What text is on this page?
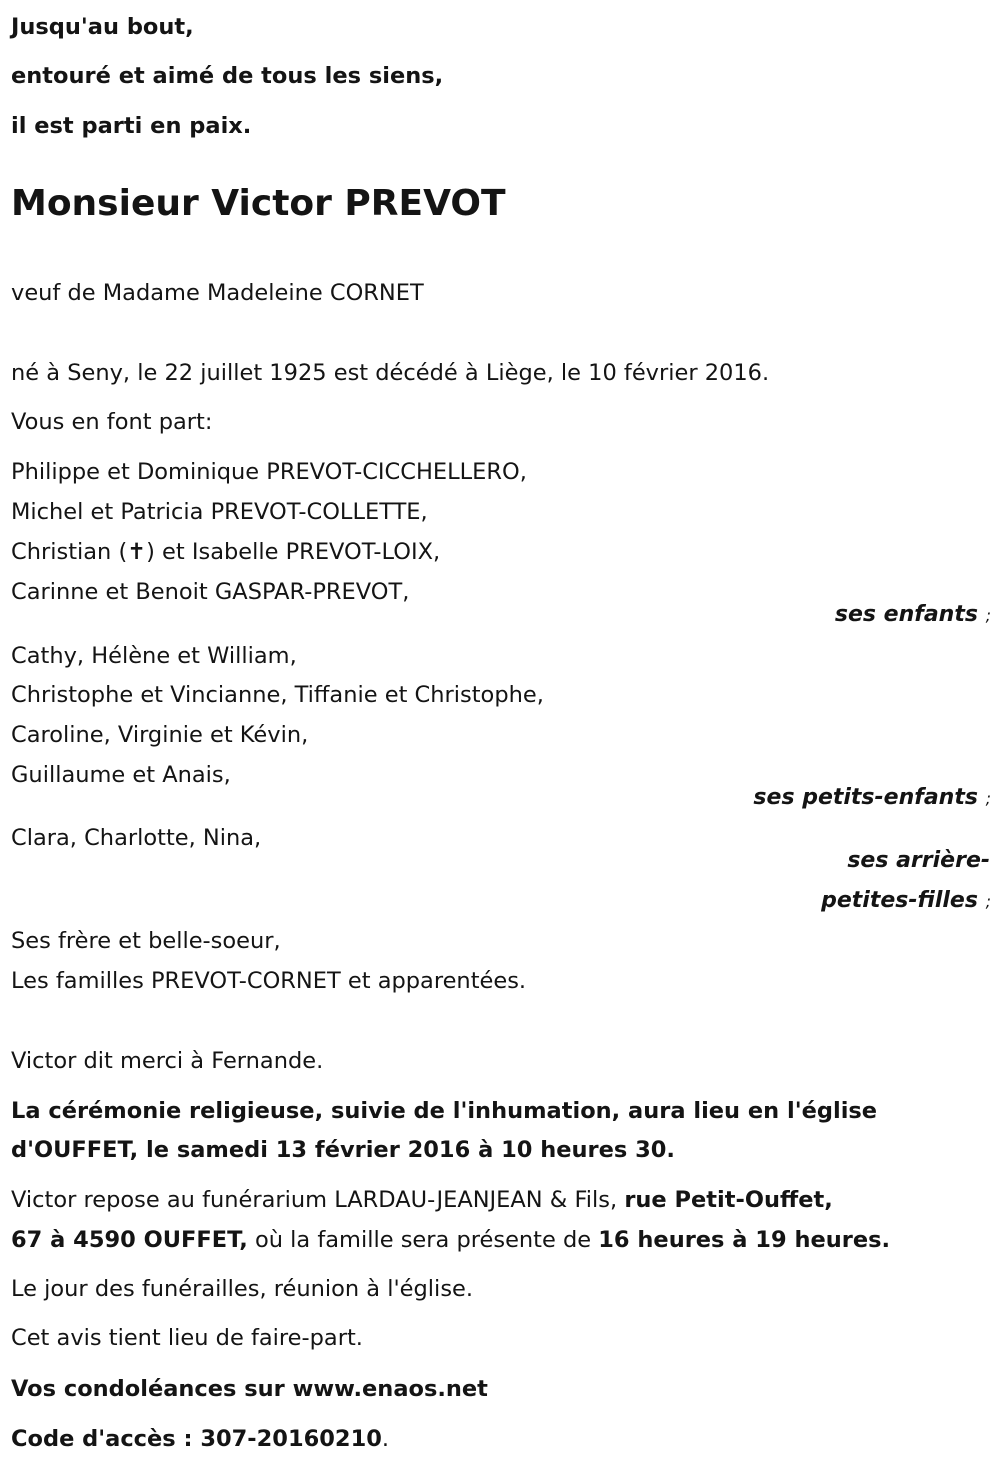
Jusqu'au bout,
entouré et aimé de tous les siens,
il est parti en paix.
Monsieur Victor PREVOT
veuf de Madame Madeleine CORNET
né à Seny, le 22 juillet 1925 est décédé à Liège, le 10 février 2016.
Vous en font part:
Philippe et Dominique PREVOT-CICCHELLERO,
Michel et Patricia PREVOT-COLLETTE,
Christian (✝) et Isabelle PREVOT-LOIX,
Carinne et Benoit GASPAR-PREVOT,
ses enfants ;
Cathy, Hélène et William,
Christophe et Vincianne, Tiffanie et Christophe,
Caroline, Virginie et Kévin,
Guillaume et Anais,
ses petits-enfants ;
Clara, Charlotte, Nina,
ses arrière-
petites-filles ;
Ses frère et belle-soeur,
Les familles PREVOT-CORNET et apparentées.
Victor dit merci à Fernande.
La cérémonie religieuse, suivie de l'inhumation, aura lieu en l'église
d'OUFFET, le samedi 13 février 2016 à 10 heures 30.
Victor repose au funérarium LARDAU-JEANJEAN & Fils, rue Petit-Ouffet,
67 à 4590 OUFFET, où la famille sera présente de 16 heures à 19 heures.
Le jour des funérailles, réunion à l'église.
Cet avis tient lieu de faire-part.
Vos condoléances sur www.enaos.net
Code d'accès : 307-20160210.
